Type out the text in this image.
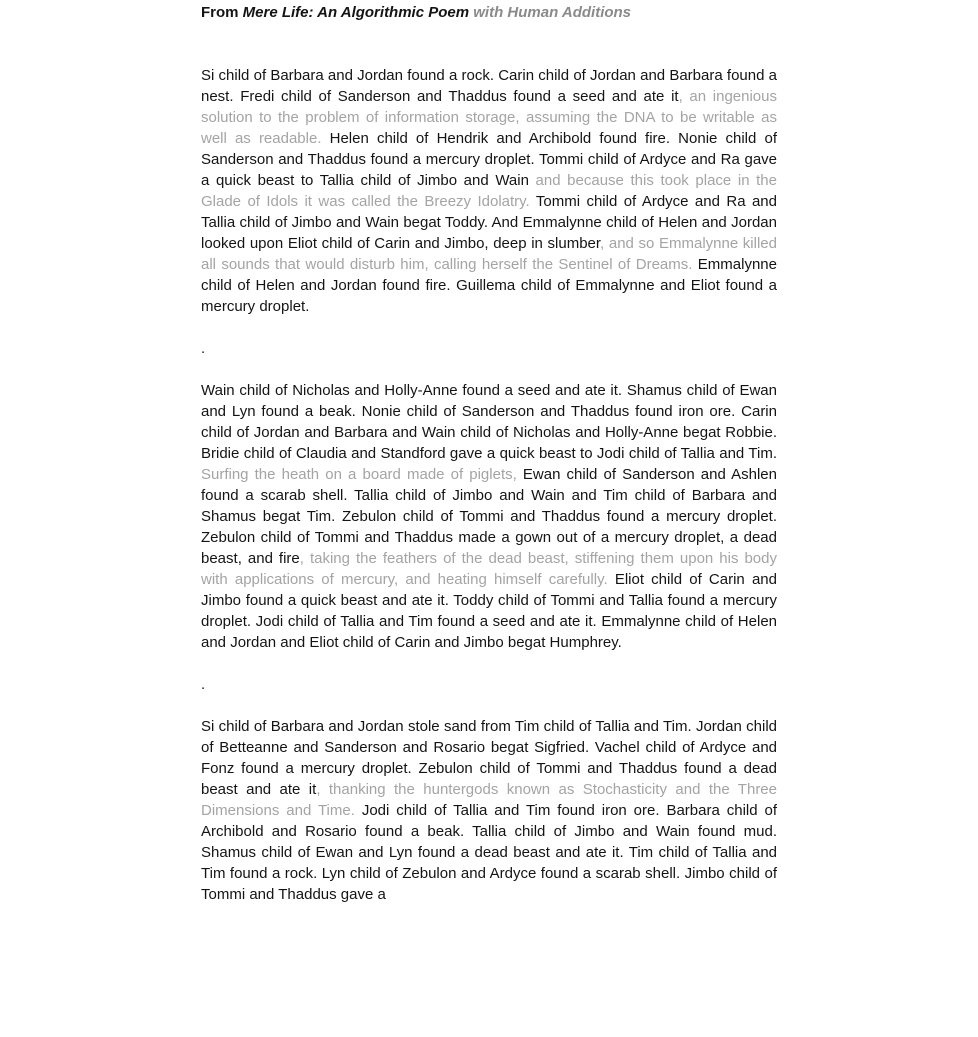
From Mere Life: An Algorithmic Poem with Human Additions

Si child of Barbara and Jordan found a rock. Carin child of Jordan and Barbara found a nest. Fredi child of Sanderson and Thaddus found a seed and ate it, an ingenious solution to the problem of information storage, assuming the DNA to be writable as well as readable. Helen child of Hendrik and Archibold found fire. Nonie child of Sanderson and Thaddus found a mercury droplet. Tommi child of Ardyce and Ra gave a quick beast to Tallia child of Jimbo and Wain and because this took place in the Glade of Idols it was called the Breezy Idolatry. Tommi child of Ardyce and Ra and Tallia child of Jimbo and Wain begat Toddy. And Emmalynne child of Helen and Jordan looked upon Eliot child of Carin and Jimbo, deep in slumber, and so Emmalynne killed all sounds that would disturb him, calling herself the Sentinel of Dreams. Emmalynne child of Helen and Jordan found fire. Guillema child of Emmalynne and Eliot found a mercury droplet.

.

Wain child of Nicholas and Holly-Anne found a seed and ate it. Shamus child of Ewan and Lyn found a beak. Nonie child of Sanderson and Thaddus found iron ore. Carin child of Jordan and Barbara and Wain child of Nicholas and Holly-Anne begat Robbie. Bridie child of Claudia and Standford gave a quick beast to Jodi child of Tallia and Tim. Surfing the heath on a board made of piglets, Ewan child of Sanderson and Ashlen found a scarab shell. Tallia child of Jimbo and Wain and Tim child of Barbara and Shamus begat Tim. Zebulon child of Tommi and Thaddus found a mercury droplet. Zebulon child of Tommi and Thaddus made a gown out of a mercury droplet, a dead beast, and fire, taking the feathers of the dead beast, stiffening them upon his body with applications of mercury, and heating himself carefully. Eliot child of Carin and Jimbo found a quick beast and ate it. Toddy child of Tommi and Tallia found a mercury droplet. Jodi child of Tallia and Tim found a seed and ate it. Emmalynne child of Helen and Jordan and Eliot child of Carin and Jimbo begat Humphrey.

.

Si child of Barbara and Jordan stole sand from Tim child of Tallia and Tim. Jordan child of Betteanne and Sanderson and Rosario begat Sigfried. Vachel child of Ardyce and Fonz found a mercury droplet. Zebulon child of Tommi and Thaddus found a dead beast and ate it, thanking the huntergods known as Stochasticity and the Three Dimensions and Time. Jodi child of Tallia and Tim found iron ore. Barbara child of Archibold and Rosario found a beak. Tallia child of Jimbo and Wain found mud. Shamus child of Ewan and Lyn found a dead beast and ate it. Tim child of Tallia and Tim found a rock. Lyn child of Zebulon and Ardyce found a scarab shell. Jimbo child of Tommi and Thaddus gave a
